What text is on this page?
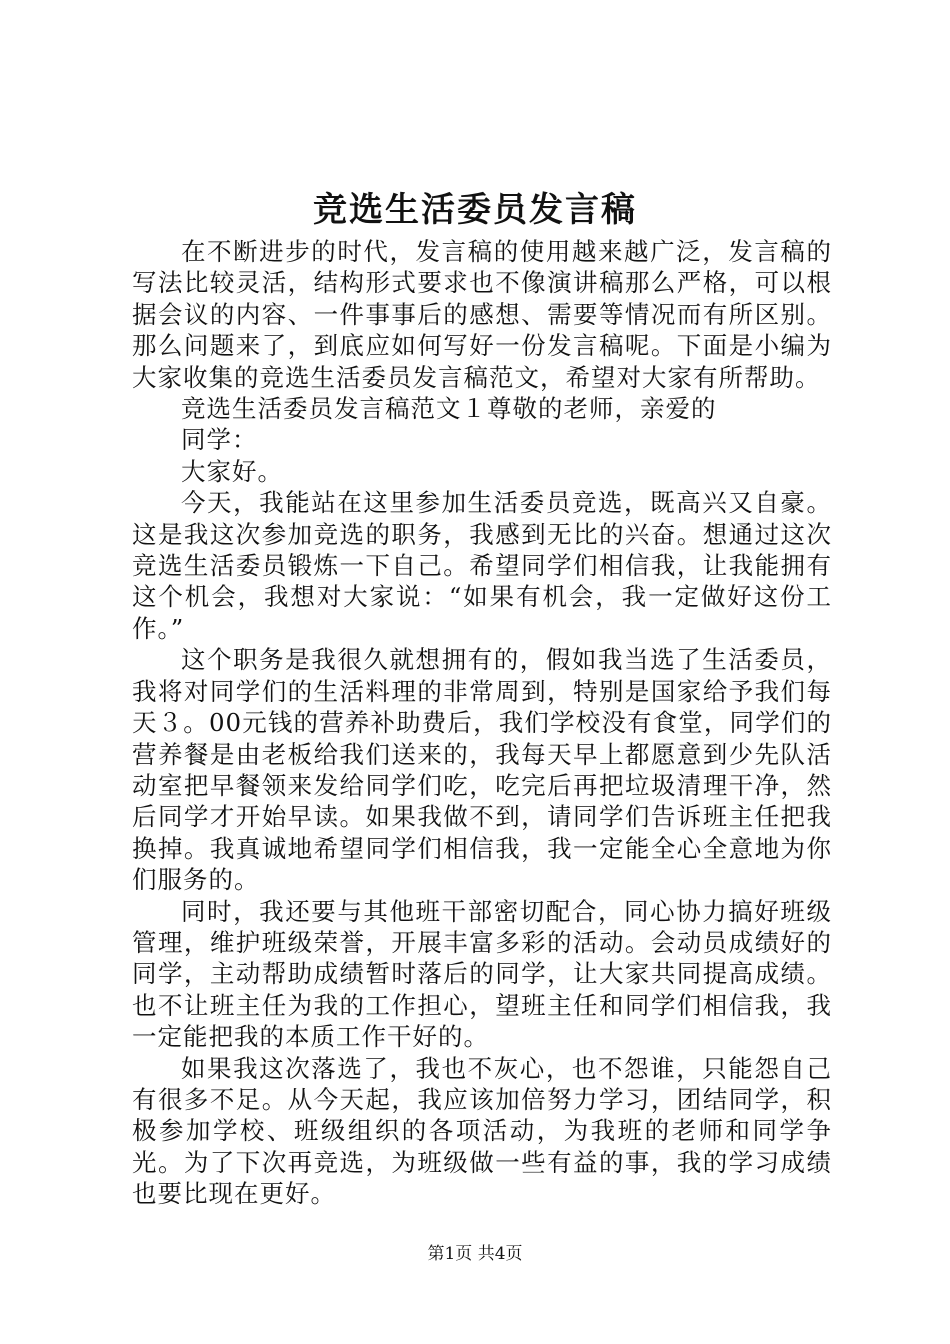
竞选生活委员发言稿

在不断进步的时代，发言稿的使用越来越广泛，发言稿的写法比较灵活，结构形式要求也不像演讲稿那么严格，可以根据会议的内容、一件事事后的感想、需要等情况而有所区别。那么问题来了，到底应如何写好一份发言稿呢。下面是小编为大家收集的竞选生活委员发言稿范文，希望对大家有所帮助。

竞选生活委员发言稿范文１尊敬的老师，亲爱的

同学：

大家好。

今天，我能站在这里参加生活委员竞选，既高兴又自豪。这是我这次参加竞选的职务，我感到无比的兴奋。想通过这次竞选生活委员锻炼一下自己。希望同学们相信我，让我能拥有这个机会，我想对大家说：“如果有机会，我一定做好这份工作。”

这个职务是我很久就想拥有的，假如我当选了生活委员，我将对同学们的生活料理的非常周到，特别是国家给予我们每天３。00元钱的营养补助费后，我们学校没有食堂，同学们的营养餐是由老板给我们送来的，我每天早上都愿意到少先队活动室把早餐领来发给同学们吃，吃完后再把垃圾清理干净，然后同学才开始早读。如果我做不到，请同学们告诉班主任把我换掉。我真诚地希望同学们相信我，我一定能全心全意地为你们服务的。

同时，我还要与其他班干部密切配合，同心协力搞好班级管理，维护班级荣誉，开展丰富多彩的活动。会动员成绩好的同学，主动帮助成绩暂时落后的同学，让大家共同提高成绩。也不让班主任为我的工作担心，望班主任和同学们相信我，我一定能把我的本质工作干好的。

如果我这次落选了，我也不灰心，也不怨谁，只能怨自己有很多不足。从今天起，我应该加倍努力学习，团结同学，积极参加学校、班级组织的各项活动，为我班的老师和同学争光。为了下次再竞选，为班级做一些有益的事，我的学习成绩也要比现在更好。

第1页 共4页
